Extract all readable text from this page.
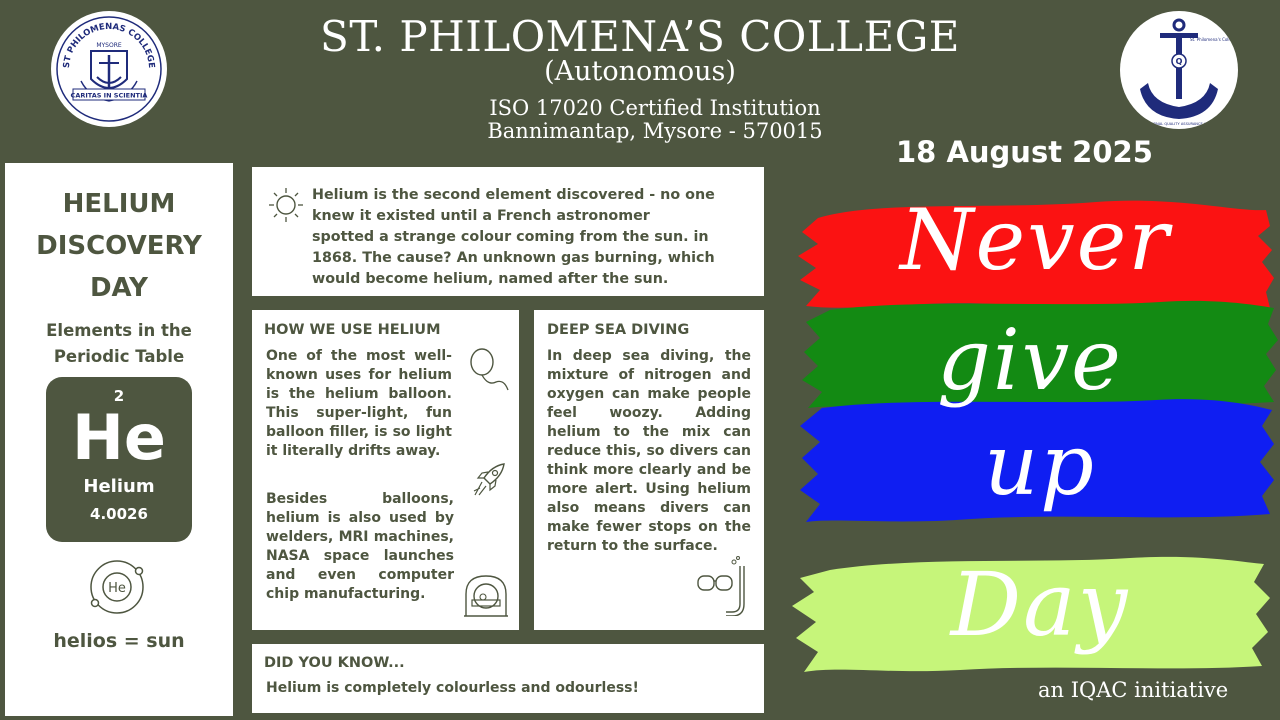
ST PHILOMENAS COLLEGE
MYSORE
CARITAS IN SCIENTIA
St. Philomena's College
Q
INTERNAL QUALITY ASSURANCE CELL
ST. PHILOMENA’S COLLEGE
(Autonomous)
ISO 17020 Certified Institution
Bannimantap, Mysore - 570015
18 August 2025
HELIUM
DISCOVERY
DAY
Elements in the
Periodic Table
2
He
Helium
4.0026
He
helios = sun
Helium is the second element discovered - no one
knew it existed until a French astronomer
spotted a strange colour coming from the sun. in
1868. The cause? An unknown gas burning, which
would become helium, named after the sun.
HOW WE USE HELIUM
One of the most well-known uses for helium is the helium balloon. This super-light, fun balloon filler, is so light it literally drifts away.
Besides balloons, helium is also used by welders, MRI machines, NASA space launches and even computer chip manufacturing.
DEEP SEA DIVING
In deep sea diving, the mixture of nitrogen and oxygen can make people feel woozy. Adding helium to the mix can reduce this, so divers can think more clearly and be more alert. Using helium also means divers can make fewer stops on the return to the surface.
DID YOU KNOW...
Helium is completely colourless and odourless!
Never
give
up
Day
an IQAC initiative
